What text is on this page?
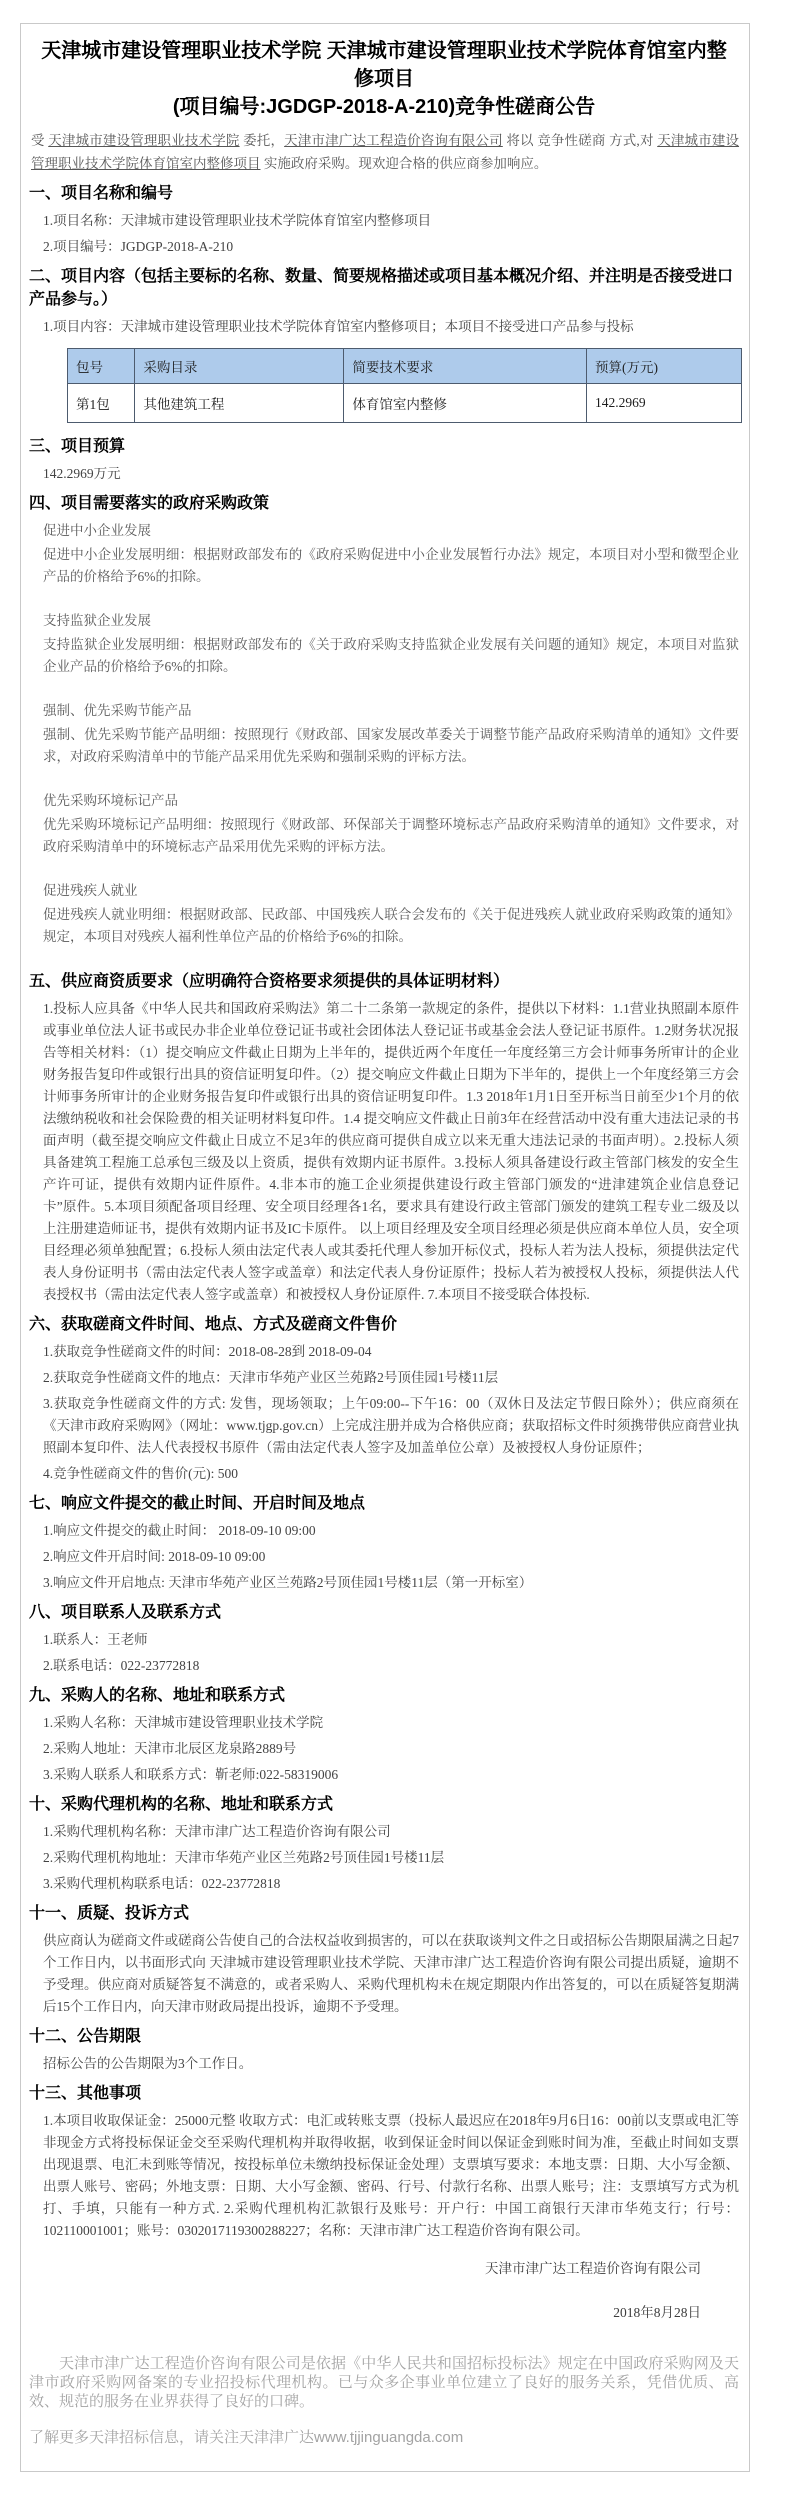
天津城市建设管理职业技术学院 天津城市建设管理职业技术学院体育馆室内整修项目
(项目编号:JGDGP-2018-A-210)竞争性磋商公告

受 天津城市建设管理职业技术学院 委托，天津市津广达工程造价咨询有限公司 将以 竞争性磋商 方式,对 天津城市建设管理职业技术学院体育馆室内整修项目 实施政府采购。现欢迎合格的供应商参加响应。

一、项目名称和编号

1.项目名称：天津城市建设管理职业技术学院体育馆室内整修项目

2.项目编号：JGDGP-2018-A-210

二、项目内容（包括主要标的名称、数量、简要规格描述或项目基本概况介绍、并注明是否接受进口产品参与。）

1.项目内容：天津城市建设管理职业技术学院体育馆室内整修项目；本项目不接受进口产品参与投标

包号	采购目录	简要技术要求	预算(万元)
第1包	其他建筑工程	体育馆室内整修	142.2969
三、项目预算

142.2969万元

四、项目需要落实的政府采购政策

促进中小企业发展

促进中小企业发展明细：根据财政部发布的《政府采购促进中小企业发展暂行办法》规定，本项目对小型和微型企业产品的价格给予6%的扣除。

支持监狱企业发展

支持监狱企业发展明细：根据财政部发布的《关于政府采购支持监狱企业发展有关问题的通知》规定，本项目对监狱企业产品的价格给予6%的扣除。

强制、优先采购节能产品

强制、优先采购节能产品明细：按照现行《财政部、国家发展改革委关于调整节能产品政府采购清单的通知》文件要求，对政府采购清单中的节能产品采用优先采购和强制采购的评标方法。

优先采购环境标记产品

优先采购环境标记产品明细：按照现行《财政部、环保部关于调整环境标志产品政府采购清单的通知》文件要求，对政府采购清单中的环境标志产品采用优先采购的评标方法。

促进残疾人就业

促进残疾人就业明细：根据财政部、民政部、中国残疾人联合会发布的《关于促进残疾人就业政府采购政策的通知》规定，本项目对残疾人福利性单位产品的价格给予6%的扣除。

五、供应商资质要求（应明确符合资格要求须提供的具体证明材料）

1.投标人应具备《中华人民共和国政府采购法》第二十二条第一款规定的条件，提供以下材料：1.1营业执照副本原件或事业单位法人证书或民办非企业单位登记证书或社会团体法人登记证书或基金会法人登记证书原件。1.2财务状况报告等相关材料：（1）提交响应文件截止日期为上半年的，提供近两个年度任一年度经第三方会计师事务所审计的企业财务报告复印件或银行出具的资信证明复印件。（2）提交响应文件截止日期为下半年的，提供上一个年度经第三方会计师事务所审计的企业财务报告复印件或银行出具的资信证明复印件。1.3 2018年1月1日至开标当日前至少1个月的依法缴纳税收和社会保险费的相关证明材料复印件。1.4 提交响应文件截止日前3年在经营活动中没有重大违法记录的书面声明（截至提交响应文件截止日成立不足3年的供应商可提供自成立以来无重大违法记录的书面声明）。2.投标人须具备建筑工程施工总承包三级及以上资质，提供有效期内证书原件。3.投标人须具备建设行政主管部门核发的安全生产许可证，提供有效期内证件原件。4.非本市的施工企业须提供建设行政主管部门颁发的“进津建筑企业信息登记卡”原件。5.本项目须配备项目经理、安全项目经理各1名，要求具有建设行政主管部门颁发的建筑工程专业二级及以上注册建造师证书，提供有效期内证书及IC卡原件。 以上项目经理及安全项目经理必须是供应商本单位人员，安全项目经理必须单独配置；6.投标人须由法定代表人或其委托代理人参加开标仪式，投标人若为法人投标，须提供法定代表人身份证明书（需由法定代表人签字或盖章）和法定代表人身份证原件；投标人若为被授权人投标，须提供法人代表授权书（需由法定代表人签字或盖章）和被授权人身份证原件. 7.本项目不接受联合体投标.

六、获取磋商文件时间、地点、方式及磋商文件售价

1.获取竞争性磋商文件的时间：2018-08-28到 2018-09-04

2.获取竞争性磋商文件的地点：天津市华苑产业区兰苑路2号顶佳园1号楼11层

3.获取竞争性磋商文件的方式: 发售，现场领取；上午09:00--下午16：00（双休日及法定节假日除外）；供应商须在《天津市政府采购网》（网址：www.tjgp.gov.cn）上完成注册并成为合格供应商；获取招标文件时须携带供应商营业执照副本复印件、法人代表授权书原件（需由法定代表人签字及加盖单位公章）及被授权人身份证原件；

4.竞争性磋商文件的售价(元): 500

七、响应文件提交的截止时间、开启时间及地点

1.响应文件提交的截止时间： 2018-09-10 09:00

2.响应文件开启时间: 2018-09-10 09:00

3.响应文件开启地点: 天津市华苑产业区兰苑路2号顶佳园1号楼11层（第一开标室）

八、项目联系人及联系方式

1.联系人：王老师

2.联系电话：022-23772818

九、采购人的名称、地址和联系方式

1.采购人名称：天津城市建设管理职业技术学院

2.采购人地址：天津市北辰区龙泉路2889号

3.采购人联系人和联系方式：靳老师:022-58319006

十、采购代理机构的名称、地址和联系方式

1.采购代理机构名称：天津市津广达工程造价咨询有限公司

2.采购代理机构地址：天津市华苑产业区兰苑路2号顶佳园1号楼11层

3.采购代理机构联系电话：022-23772818

十一、质疑、投诉方式

供应商认为磋商文件或磋商公告使自己的合法权益收到损害的，可以在获取谈判文件之日或招标公告期限届满之日起7个工作日内，以书面形式向 天津城市建设管理职业技术学院、天津市津广达工程造价咨询有限公司提出质疑，逾期不予受理。供应商对质疑答复不满意的，或者采购人、采购代理机构未在规定期限内作出答复的，可以在质疑答复期满后15个工作日内，向天津市财政局提出投诉，逾期不予受理。

十二、公告期限

招标公告的公告期限为3个工作日。

十三、其他事项

1.本项目收取保证金：25000元整 收取方式：电汇或转账支票（投标人最迟应在2018年9月6日16：00前以支票或电汇等非现金方式将投标保证金交至采购代理机构并取得收据，收到保证金时间以保证金到账时间为准，至截止时间如支票出现退票、电汇未到账等情况，按投标单位未缴纳投标保证金处理）支票填写要求：本地支票：日期、大小写金额、出票人账号、密码；外地支票：日期、大小写金额、密码、行号、付款行名称、出票人账号；注：支票填写方式为机打、手填，只能有一种方式. 2.采购代理机构汇款银行及账号：开户行：中国工商银行天津市华苑支行；行号：102110001001；账号：0302017119300288227；名称：天津市津广达工程造价咨询有限公司。

天津市津广达工程造价咨询有限公司

2018年8月28日

天津市津广达工程造价咨询有限公司是依据《中华人民共和国招标投标法》规定在中国政府采购网及天津市政府采购网备案的专业招投标代理机构。已与众多企事业单位建立了良好的服务关系，凭借优质、高效、规范的服务在业界获得了良好的口碑。

了解更多天津招标信息，请关注天津津广达www.tjjinguangda.com
